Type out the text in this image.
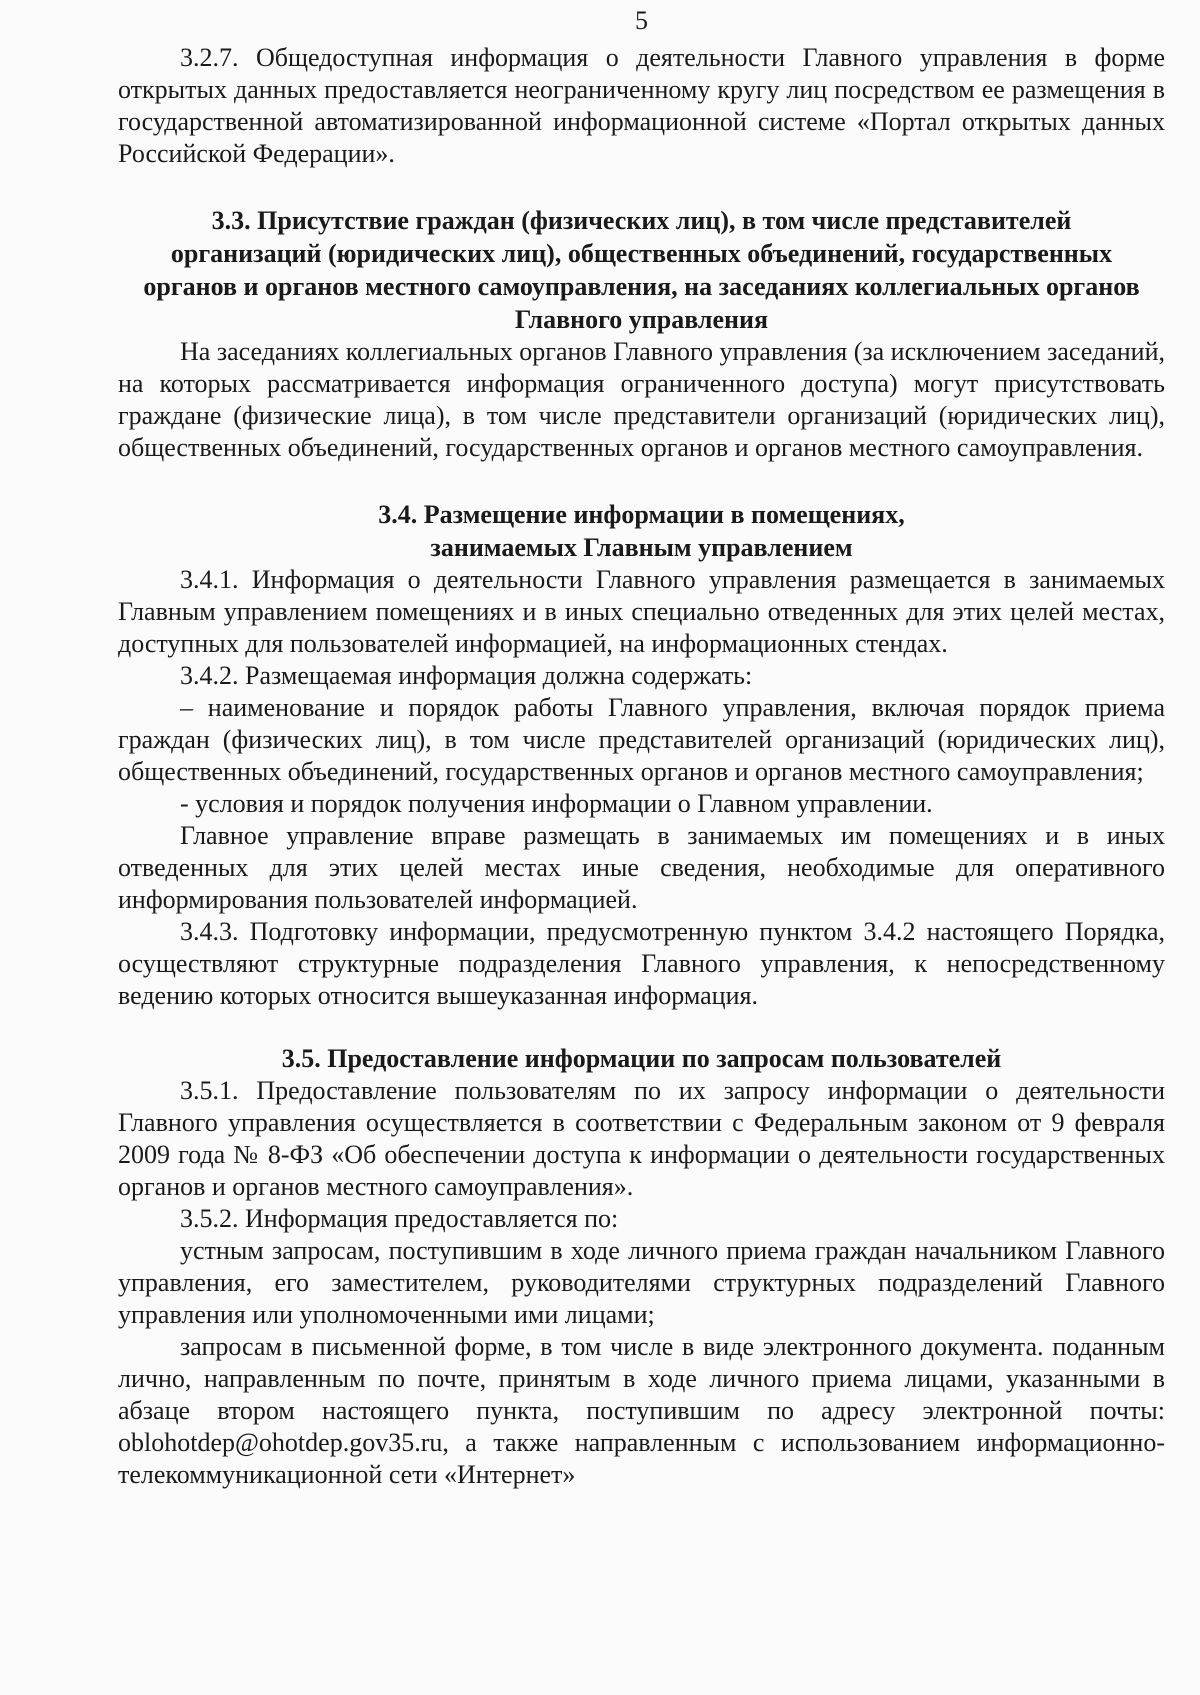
5

3.2.7. Общедоступная информация о деятельности Главного управления в форме открытых данных предоставляется неограниченному кругу лиц посредством ее размещения в государственной автоматизированной информационной системе «Портал открытых данных Российской Федерации».

3.3. Присутствие граждан (физических лиц), в том числе представителей организаций (юридических лиц), общественных объединений, государственных органов и органов местного самоуправления, на заседаниях коллегиальных органов Главного управления

На заседаниях коллегиальных органов Главного управления (за исключением заседаний, на которых рассматривается информация ограниченного доступа) могут присутствовать граждане (физические лица), в том числе представители организаций (юридических лиц), общественных объединений, государственных органов и органов местного самоуправления.

3.4. Размещение информации в помещениях,

занимаемых Главным управлением

3.4.1. Информация о деятельности Главного управления размещается в занимаемых Главным управлением помещениях и в иных специально отведенных для этих целей местах, доступных для пользователей информацией, на информационных стендах.

3.4.2. Размещаемая информация должна содержать:

– наименование и порядок работы Главного управления, включая порядок приема граждан (физических лиц), в том числе представителей организаций (юридических лиц), общественных объединений, государственных органов и органов местного самоуправления;

- условия и порядок получения информации о Главном управлении.

Главное управление вправе размещать в занимаемых им помещениях и в иных отведенных для этих целей местах иные сведения, необходимые для оперативного информирования пользователей информацией.

3.4.3. Подготовку информации, предусмотренную пунктом 3.4.2 настоящего Порядка, осуществляют структурные подразделения Главного управления, к непосредственному ведению которых относится вышеуказанная информация.

3.5. Предоставление информации по запросам пользователей

3.5.1. Предоставление пользователям по их запросу информации о деятельности Главного управления осуществляется в соответствии с Федеральным законом от 9 февраля 2009 года № 8-ФЗ «Об обеспечении доступа к информации о деятельности государственных органов и органов местного самоуправления».

3.5.2. Информация предоставляется по:

устным запросам, поступившим в ходе личного приема граждан начальником Главного управления, его заместителем, руководителями структурных подразделений Главного управления или уполномоченными ими лицами;

запросам в письменной форме, в том числе в виде электронного документа. поданным лично, направленным по почте, принятым в ходе личного приема лицами, указанными в абзаце втором настоящего пункта, поступившим по адресу электронной почты: oblohotdep@ohotdep.gov35.ru, а также направленным с использованием информационно-телекоммуникационной сети «Интернет»
